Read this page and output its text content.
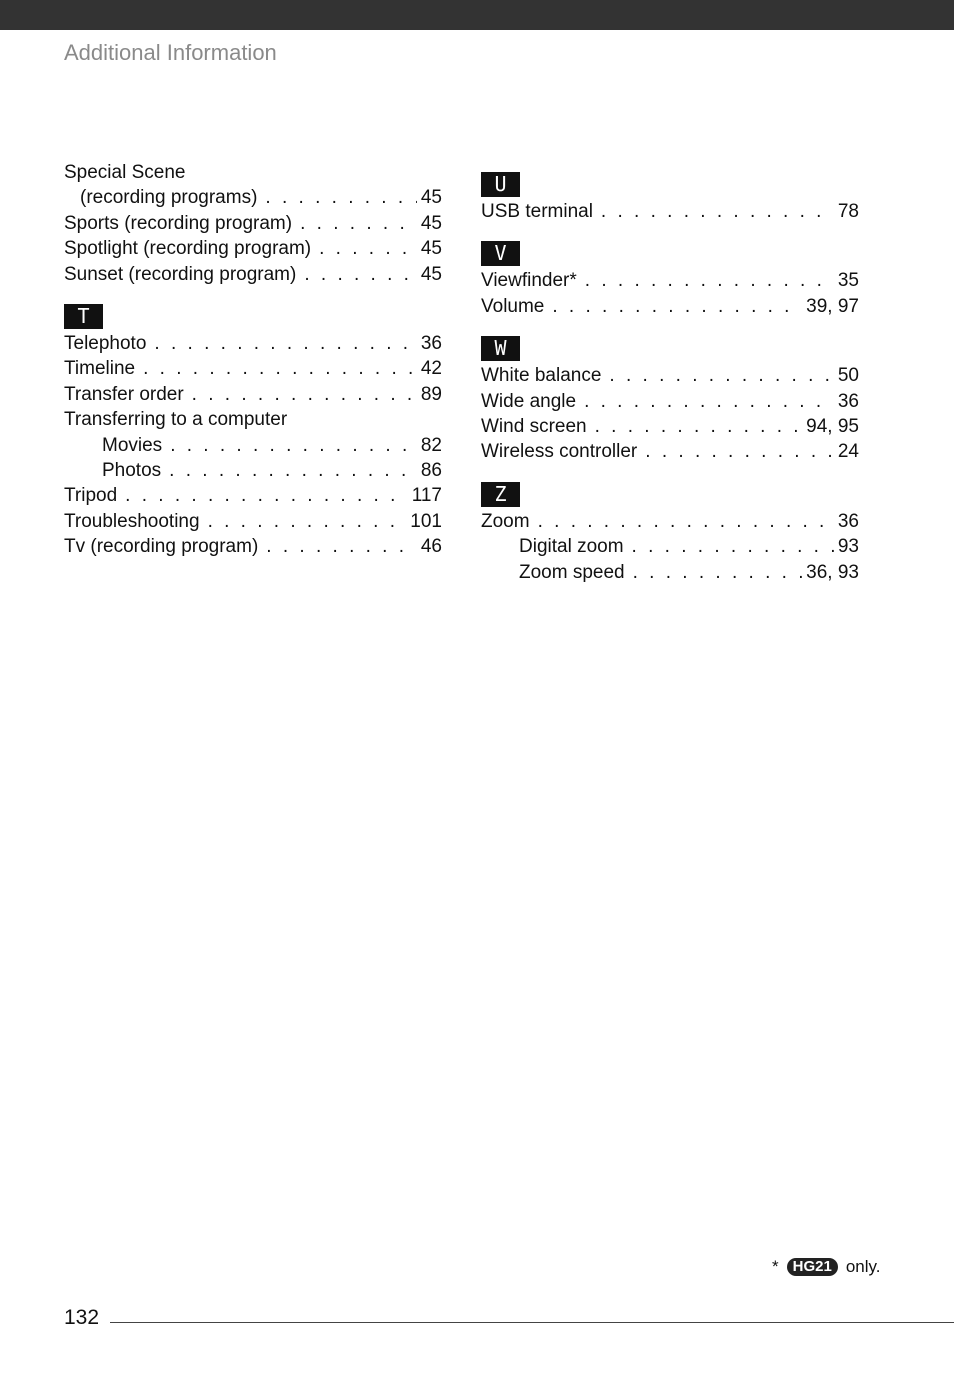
Additional Information
Special Scene
(recording programs) . . .	45
Sports (recording program) . . .	45
Spotlight (recording program) . . .	45
Sunset (recording program) . . .	45
T
Telephoto . . .	36
Timeline . . .	42
Transfer order . . .	89
Transferring to a computer
Movies . . .	82
Photos . . .	86
Tripod . . .	117
Troubleshooting . . .	101
Tv (recording program) . . .	46
U
USB terminal . . .	78
V
Viewfinder* . . .	35
Volume . . .	39, 97
W
White balance . . .	50
Wide angle . . .	36
Wind screen . . .	94, 95
Wireless controller . . .	24
Z
Zoom . . .	36
Digital zoom . . .	93
Zoom speed . . .	36, 93
* HG21 only.
132
